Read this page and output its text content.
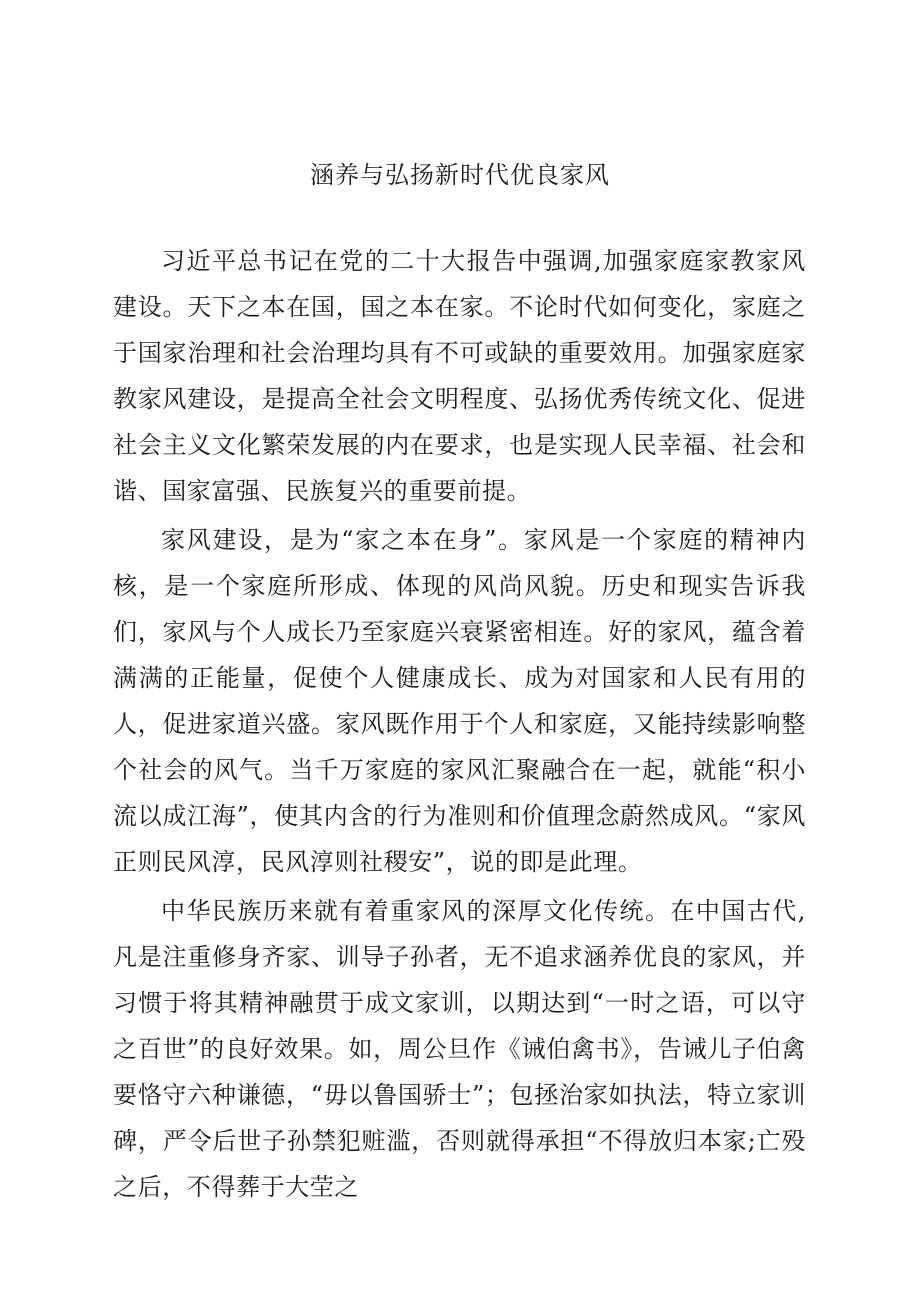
涵养与弘扬新时代优良家风

习近平总书记在党的二十大报告中强调,加强家庭家教家风建设。天下之本在国，国之本在家。不论时代如何变化，家庭之于国家治理和社会治理均具有不可或缺的重要效用。加强家庭家教家风建设，是提高全社会文明程度、弘扬优秀传统文化、促进社会主义文化繁荣发展的内在要求，也是实现人民幸福、社会和谐、国家富强、民族复兴的重要前提。

家风建设，是为“家之本在身”。家风是一个家庭的精神内核，是一个家庭所形成、体现的风尚风貌。历史和现实告诉我们，家风与个人成长乃至家庭兴衰紧密相连。好的家风，蕴含着满满的正能量，促使个人健康成长、成为对国家和人民有用的人，促进家道兴盛。家风既作用于个人和家庭，又能持续影响整个社会的风气。当千万家庭的家风汇聚融合在一起，就能“积小流以成江海”，使其内含的行为准则和价值理念蔚然成风。“家风正则民风淳，民风淳则社稷安”，说的即是此理。

中华民族历来就有着重家风的深厚文化传统。在中国古代,凡是注重修身齐家、训导子孙者，无不追求涵养优良的家风，并习惯于将其精神融贯于成文家训，以期达到“一时之语，可以守之百世”的良好效果。如，周公旦作《诫伯禽书》，告诫儿子伯禽要恪守六种谦德，“毋以鲁国骄士”；包拯治家如执法，特立家训碑，严令后世子孙禁犯赃滥，否则就得承担“不得放归本家;亡殁之后，不得葬于大茔之
